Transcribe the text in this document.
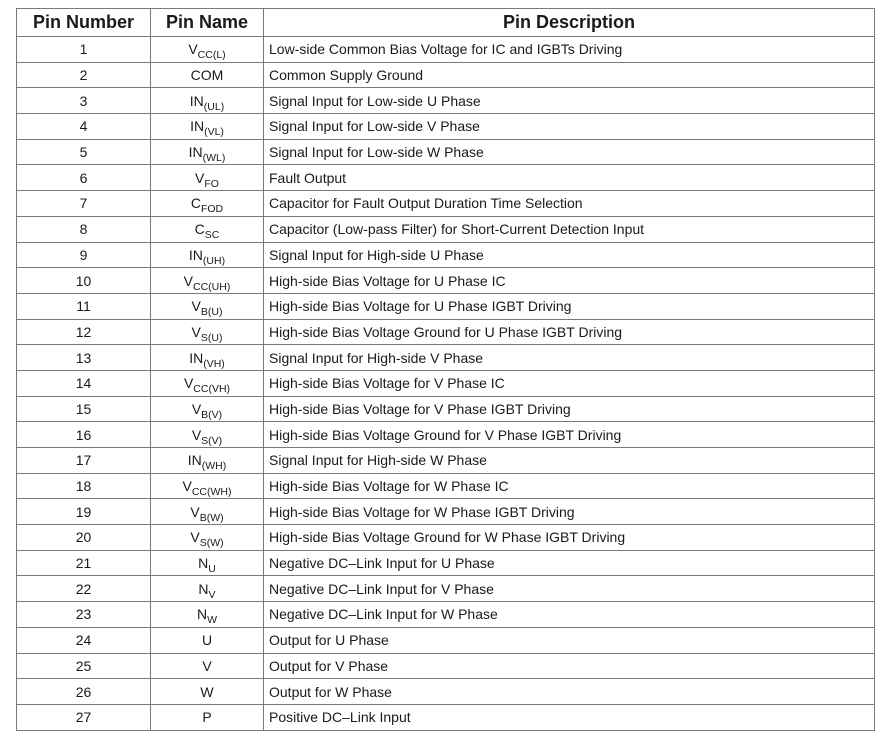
Pin Number	Pin Name	Pin Description
1	$V_{CC(L)}$	Low-side Common Bias Voltage for IC and IGBTs Driving
2	COM	Common Supply Ground
3	$IN_{(UL)}$	Signal Input for Low-side U Phase
4	$IN_{(VL)}$	Signal Input for Low-side V Phase
5	$IN_{(WL)}$	Signal Input for Low-side W Phase
6	$V_{FO}$	Fault Output
7	$C_{FOD}$	Capacitor for Fault Output Duration Time Selection
8	$C_{SC}$	Capacitor (Low-pass Filter) for Short-Current Detection Input
9	$IN_{(UH)}$	Signal Input for High-side U Phase
10	$V_{CC(UH)}$	High-side Bias Voltage for U Phase IC
11	$V_{B(U)}$	High-side Bias Voltage for U Phase IGBT Driving
12	$V_{S(U)}$	High-side Bias Voltage Ground for U Phase IGBT Driving
13	$IN_{(VH)}$	Signal Input for High-side V Phase
14	$V_{CC(VH)}$	High-side Bias Voltage for V Phase IC
15	$V_{B(V)}$	High-side Bias Voltage for V Phase IGBT Driving
16	$V_{S(V)}$	High-side Bias Voltage Ground for V Phase IGBT Driving
17	$IN_{(WH)}$	Signal Input for High-side W Phase
18	$V_{CC(WH)}$	High-side Bias Voltage for W Phase IC
19	$V_{B(W)}$	High-side Bias Voltage for W Phase IGBT Driving
20	$V_{S(W)}$	High-side Bias Voltage Ground for W Phase IGBT Driving
21	$N_U$	Negative DC–Link Input for U Phase
22	$N_V$	Negative DC–Link Input for V Phase
23	$N_W$	Negative DC–Link Input for W Phase
24	U	Output for U Phase
25	V	Output for V Phase
26	W	Output for W Phase
27	P	Positive DC–Link Input
